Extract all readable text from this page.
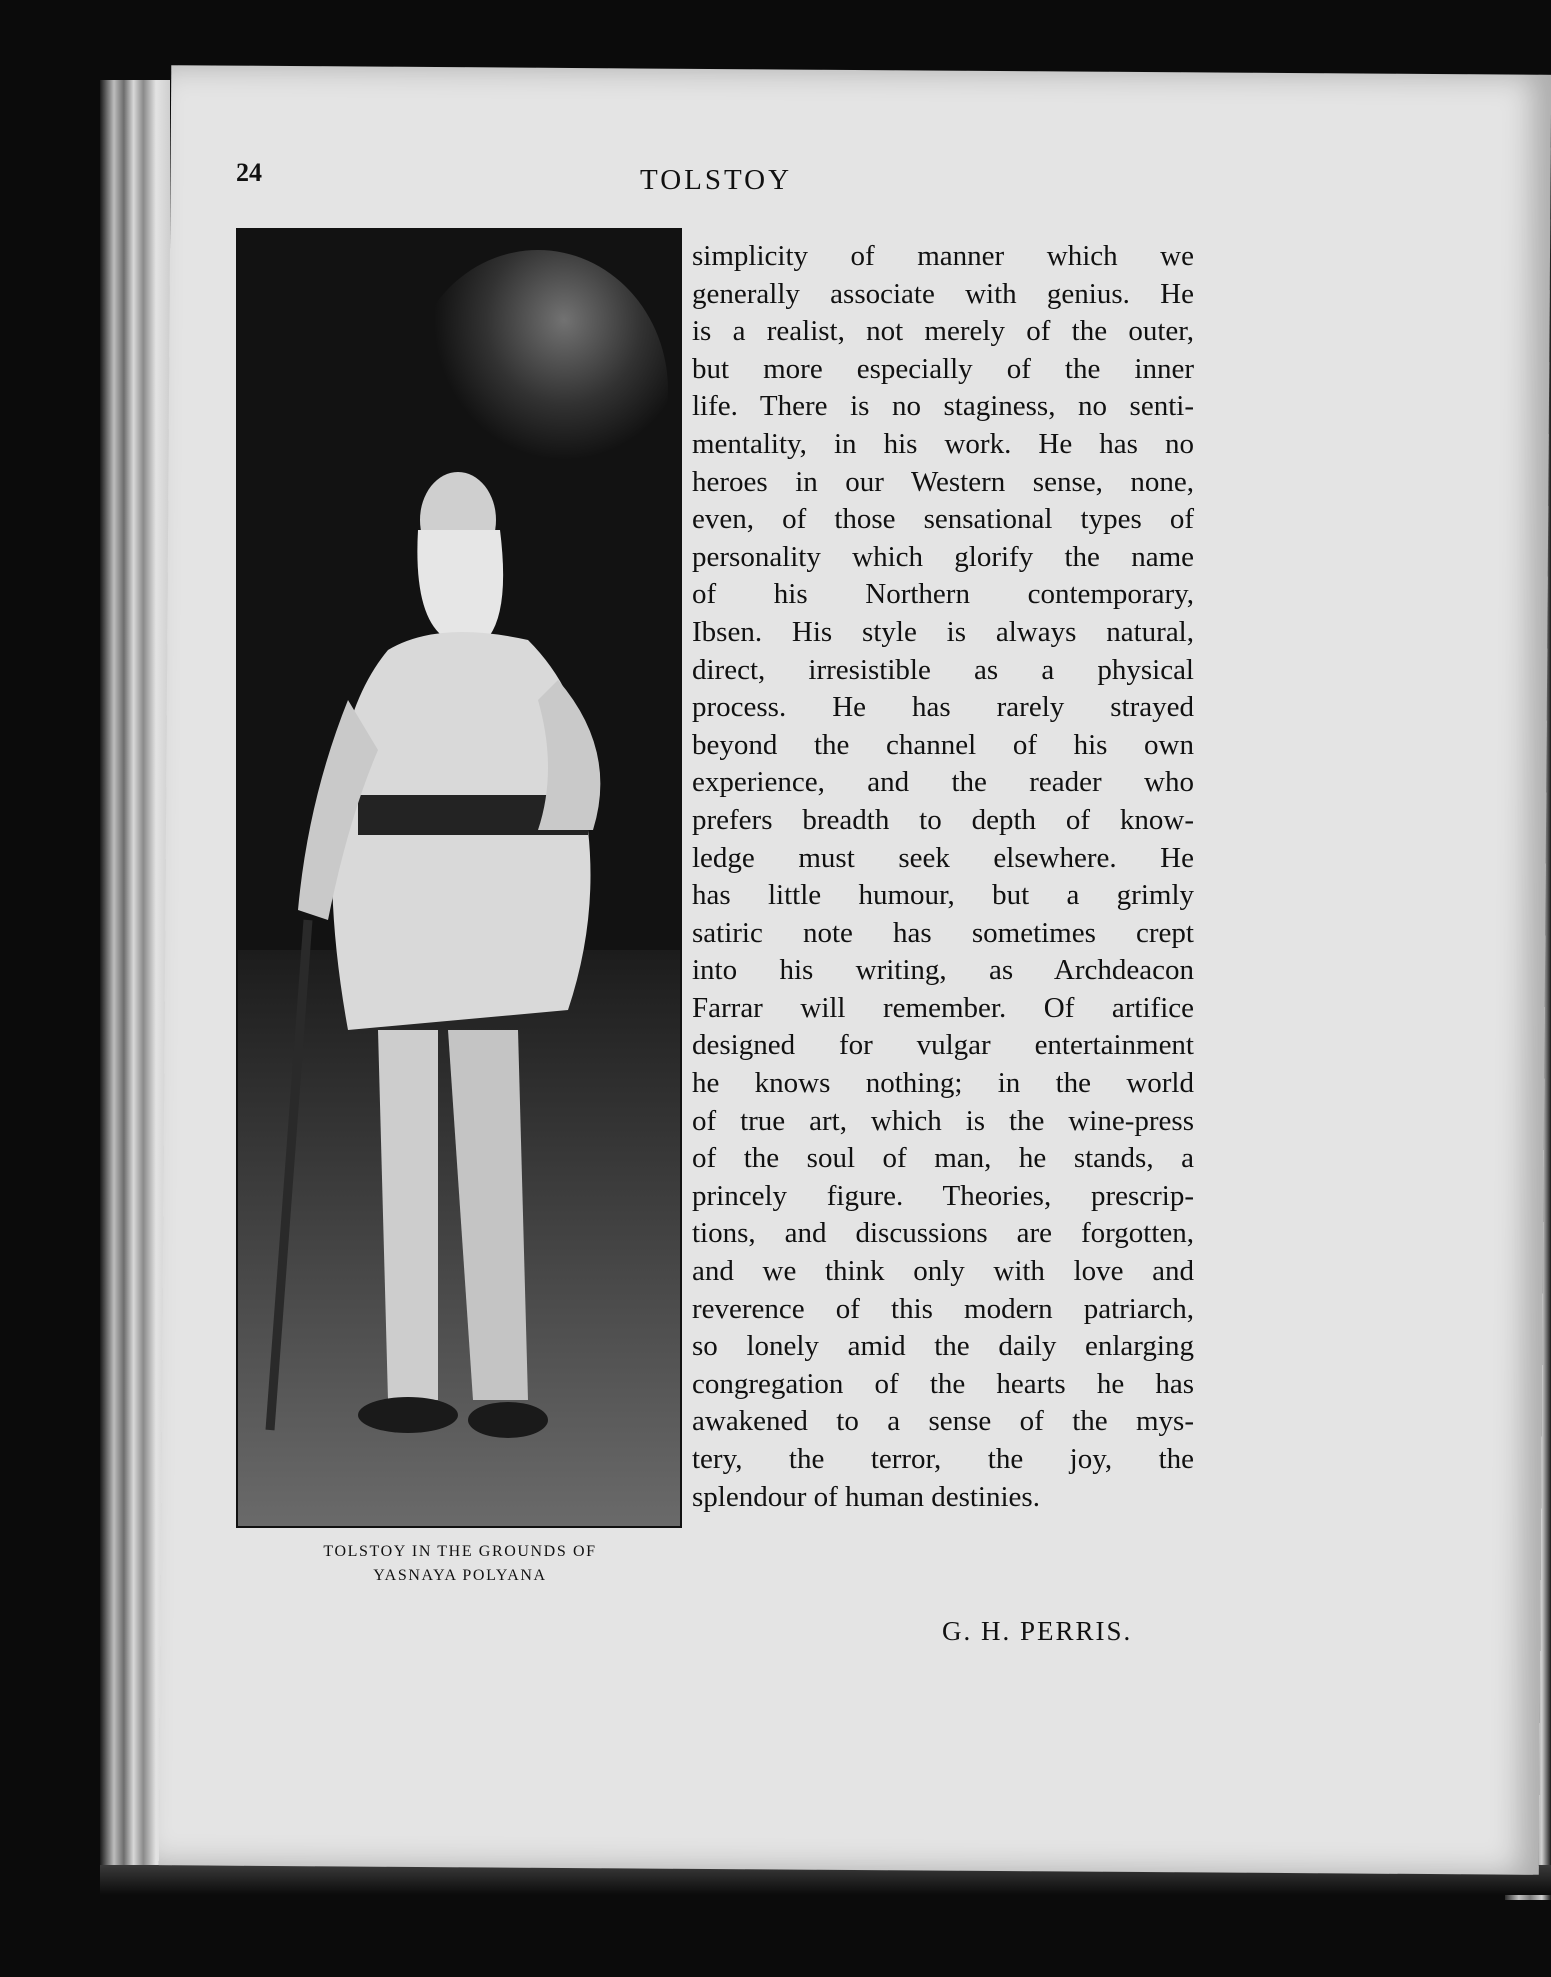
24	TOLSTOY
TOLSTOY IN THE GROUNDS OF
YASNAYA POLYANA
simplicity of manner which we
generally associate with genius. He
is a realist, not merely of the outer,
but more especially of the inner
life. There is no staginess, no senti-
mentality, in his work. He has no
heroes in our Western sense, none,
even, of those sensational types of
personality which glorify the name
of his Northern contemporary,
Ibsen. His style is always natural,
direct, irresistible as a physical
process. He has rarely strayed
beyond the channel of his own
experience, and the reader who
prefers breadth to depth of know-
ledge must seek elsewhere. He
has little humour, but a grimly
satiric note has sometimes crept
into his writing, as Archdeacon
Farrar will remember. Of artifice
designed for vulgar entertainment
he knows nothing; in the world
of true art, which is the wine-press
of the soul of man, he stands, a
princely figure. Theories, prescrip-
tions, and discussions are forgotten,
and we think only with love and
reverence of this modern patriarch,
so lonely amid the daily enlarging
congregation of the hearts he has
awakened to a sense of the mys-
tery, the terror, the joy, the
splendour of human destinies.
G. H. PERRIS.
